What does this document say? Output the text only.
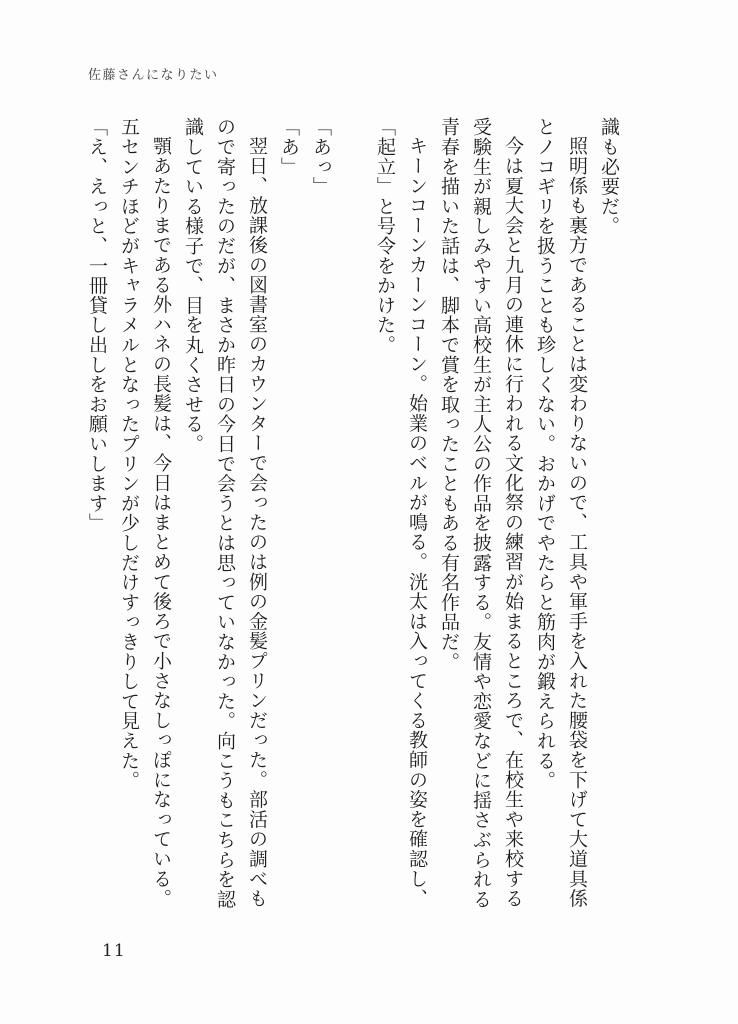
佐藤さんになりたい

識も必要だ。

照明係も裏方であることは変わりないので、工具や軍手を入れた腰袋を下げて大道具係とノコギリを扱うことも珍しくない。おかげでやたらと筋肉が鍛えられる。

今は夏大会と九月の連休に行われる文化祭の練習が始まるところで、在校生や来校する受験生が親しみやすい高校生が主人公の作品を披露する。友情や恋愛などに揺さぶられる青春を描いた話は、脚本で賞を取ったこともある有名作品だ。

キーンコーンカーンコーン。始業のベルが鳴る。洸太は入ってくる教師の姿を確認し、「起立」と号令をかけた。

「あっ」

「あ」

翌日、放課後の図書室のカウンターで会ったのは例の金髪プリンだった。部活の調べもので寄ったのだが、まさか昨日の今日で会うとは思っていなかった。向こうもこちらを認識している様子で、目を丸くさせる。

顎あたりまである外ハネの長髪は、今日はまとめて後ろで小さなしっぽになっている。五センチほどがキャラメルとなったプリンが少しだけすっきりして見えた。

「え、えっと、一冊貸し出しをお願いします」

11
